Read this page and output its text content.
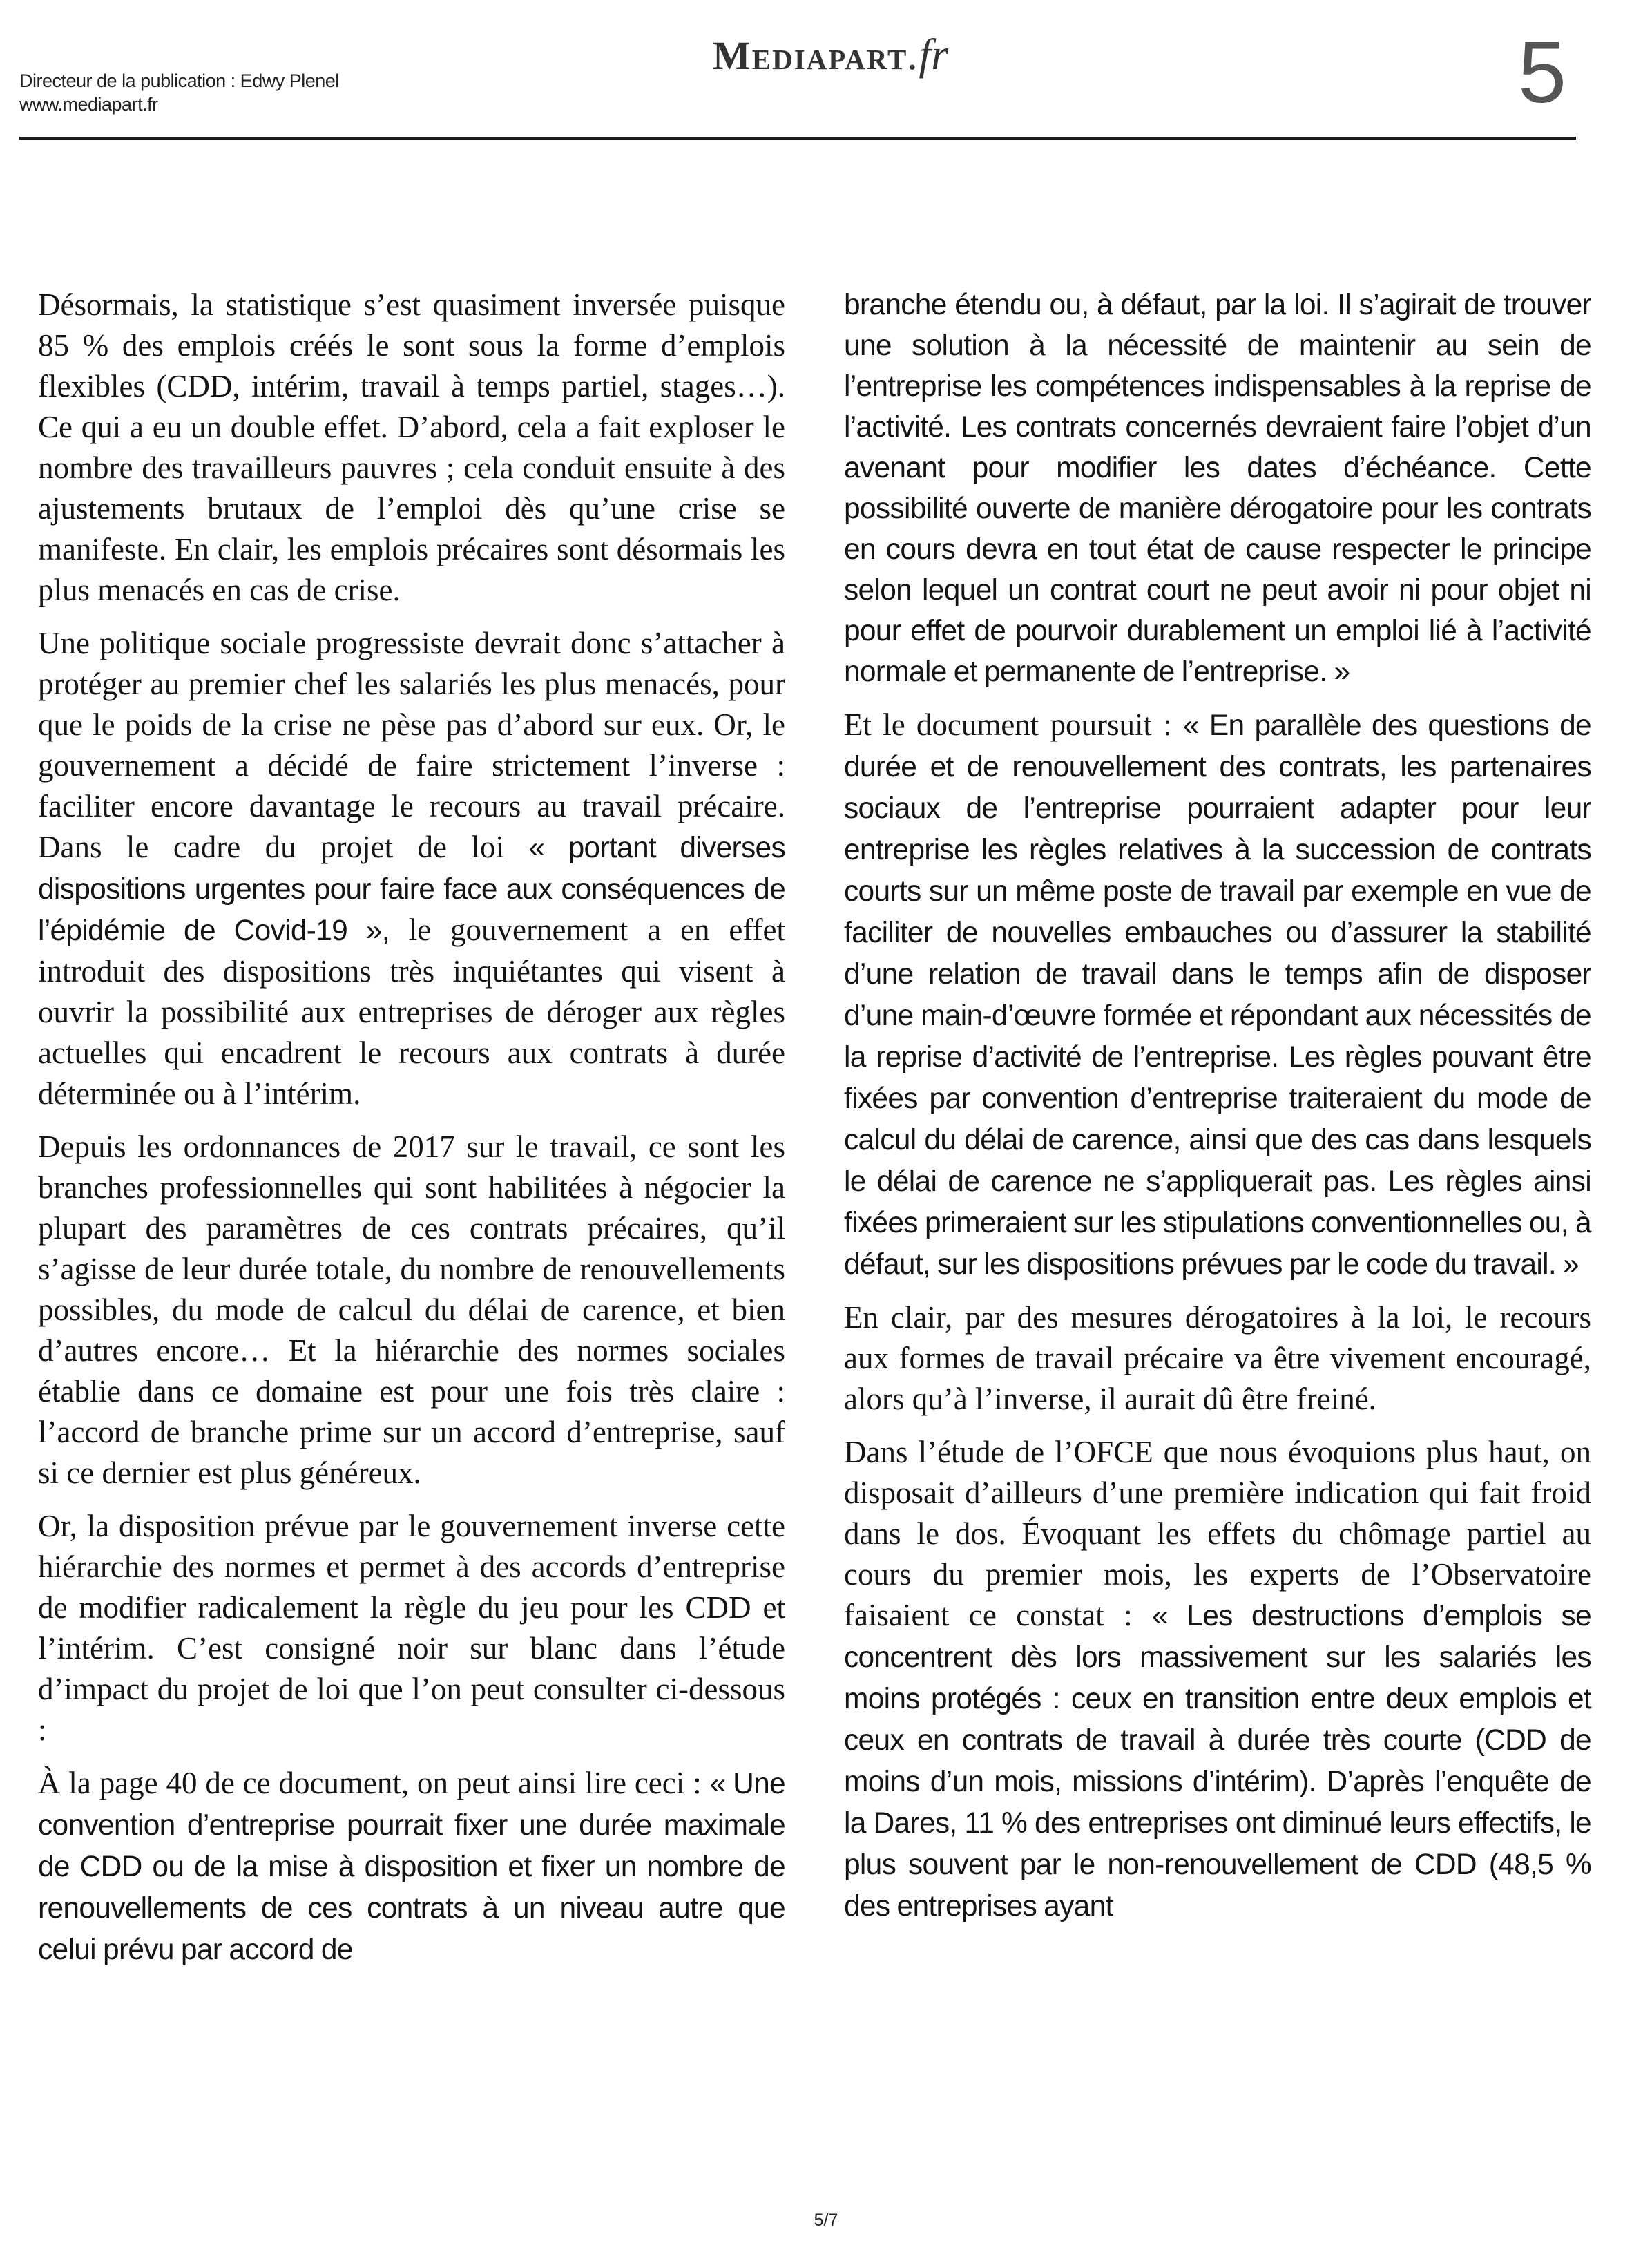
Directeur de la publication : Edwy Plenel
www.mediapart.fr
Mediapart.fr	5

Désormais, la statistique s’est quasiment inversée puisque 85 % des emplois créés le sont sous la forme d’emplois flexibles (CDD, intérim, travail à temps partiel, stages…). Ce qui a eu un double effet. D’abord, cela a fait exploser le nombre des travailleurs pauvres ; cela conduit ensuite à des ajustements brutaux de l’emploi dès qu’une crise se manifeste. En clair, les emplois précaires sont désormais les plus menacés en cas de crise.

Une politique sociale progressiste devrait donc s’attacher à protéger au premier chef les salariés les plus menacés, pour que le poids de la crise ne pèse pas d’abord sur eux. Or, le gouvernement a décidé de faire strictement l’inverse : faciliter encore davantage le recours au travail précaire. Dans le cadre du projet de loi « portant diverses dispositions urgentes pour faire face aux conséquences de l’épidémie de Covid-19 », le gouvernement a en effet introduit des dispositions très inquiétantes qui visent à ouvrir la possibilité aux entreprises de déroger aux règles actuelles qui encadrent le recours aux contrats à durée déterminée ou à l’intérim.

Depuis les ordonnances de 2017 sur le travail, ce sont les branches professionnelles qui sont habilitées à négocier la plupart des paramètres de ces contrats précaires, qu’il s’agisse de leur durée totale, du nombre de renouvellements possibles, du mode de calcul du délai de carence, et bien d’autres encore… Et la hiérarchie des normes sociales établie dans ce domaine est pour une fois très claire : l’accord de branche prime sur un accord d’entreprise, sauf si ce dernier est plus généreux.

Or, la disposition prévue par le gouvernement inverse cette hiérarchie des normes et permet à des accords d’entreprise de modifier radicalement la règle du jeu pour les CDD et l’intérim. C’est consigné noir sur blanc dans l’étude d’impact du projet de loi que l’on peut consulter ci-dessous :

À la page 40 de ce document, on peut ainsi lire ceci : « Une convention d’entreprise pourrait fixer une durée maximale de CDD ou de la mise à disposition et fixer un nombre de renouvellements de ces contrats à un niveau autre que celui prévu par accord de

branche étendu ou, à défaut, par la loi. Il s’agirait de trouver une solution à la nécessité de maintenir au sein de l’entreprise les compétences indispensables à la reprise de l’activité. Les contrats concernés devraient faire l’objet d’un avenant pour modifier les dates d’échéance. Cette possibilité ouverte de manière dérogatoire pour les contrats en cours devra en tout état de cause respecter le principe selon lequel un contrat court ne peut avoir ni pour objet ni pour effet de pourvoir durablement un emploi lié à l’activité normale et permanente de l’entreprise. »

Et le document poursuit : « En parallèle des questions de durée et de renouvellement des contrats, les partenaires sociaux de l’entreprise pourraient adapter pour leur entreprise les règles relatives à la succession de contrats courts sur un même poste de travail par exemple en vue de faciliter de nouvelles embauches ou d’assurer la stabilité d’une relation de travail dans le temps afin de disposer d’une main-d’œuvre formée et répondant aux nécessités de la reprise d’activité de l’entreprise. Les règles pouvant être fixées par convention d’entreprise traiteraient du mode de calcul du délai de carence, ainsi que des cas dans lesquels le délai de carence ne s’appliquerait pas. Les règles ainsi fixées primeraient sur les stipulations conventionnelles ou, à défaut, sur les dispositions prévues par le code du travail. »

En clair, par des mesures dérogatoires à la loi, le recours aux formes de travail précaire va être vivement encouragé, alors qu’à l’inverse, il aurait dû être freiné.

Dans l’étude de l’OFCE que nous évoquions plus haut, on disposait d’ailleurs d’une première indication qui fait froid dans le dos. Évoquant les effets du chômage partiel au cours du premier mois, les experts de l’Observatoire faisaient ce constat : « Les destructions d’emplois se concentrent dès lors massivement sur les salariés les moins protégés : ceux en transition entre deux emplois et ceux en contrats de travail à durée très courte (CDD de moins d’un mois, missions d’intérim). D’après l’enquête de la Dares, 11 % des entreprises ont diminué leurs effectifs, le plus souvent par le non-renouvellement de CDD (48,5 % des entreprises ayant

5/7
